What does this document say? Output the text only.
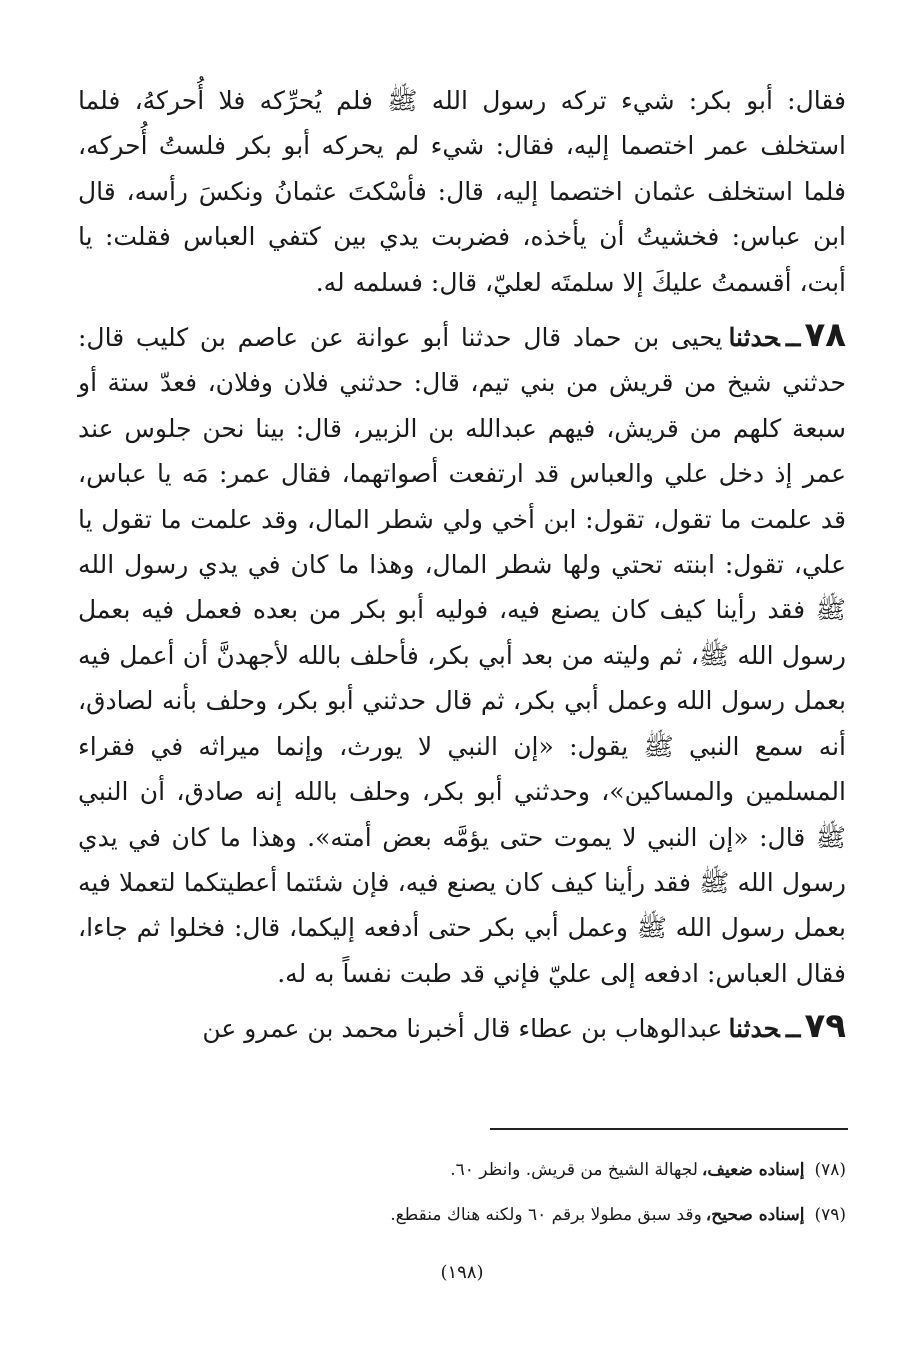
فقال: أبو بكر: شيء تركه رسول الله ﷺ فلم يُحرِّكه فلا أُحركهُ، فلما استخلف عمر اختصما إليه، فقال: شيء لم يحركه أبو بكر فلستُ أُحركه، فلما استخلف عثمان اختصما إليه، قال: فأسْكتَ عثمانُ ونكسَ رأسه، قال ابن عباس: فخشيتُ أن يأخذه، فضربت يدي بين كتفي العباس فقلت: يا أبت، أقسمتُ عليكَ إلا سلمتَه لعليّ، قال: فسلمه له.

٧٨ــحدثنايحيى بن حماد قال حدثنا أبو عوانة عن عاصم بن كليب قال: حدثني شيخ من قريش من بني تيم، قال: حدثني فلان وفلان، فعدّ ستة أو سبعة كلهم من قريش، فيهم عبدالله بن الزبير، قال: بينا نحن جلوس عند عمر إذ دخل علي والعباس قد ارتفعت أصواتهما، فقال عمر: مَه يا عباس، قد علمت ما تقول، تقول: ابن أخي ولي شطر المال، وقد علمت ما تقول يا علي، تقول: ابنته تحتي ولها شطر المال، وهذا ما كان في يدي رسول الله ﷺ فقد رأينا كيف كان يصنع فيه، فوليه أبو بكر من بعده فعمل فيه بعمل رسول الله ﷺ، ثم وليته من بعد أبي بكر، فأحلف بالله لأجهدنَّ أن أعمل فيه بعمل رسول الله وعمل أبي بكر، ثم قال حدثني أبو بكر، وحلف بأنه لصادق، أنه سمع النبي ﷺ يقول: «إن النبي لا يورث، وإنما ميراثه في فقراء المسلمين والمساكين»، وحدثني أبو بكر، وحلف بالله إنه صادق، أن النبي ﷺ قال: «إن النبي لا يموت حتى يؤمَّه بعض أمته». وهذا ما كان في يدي رسول الله ﷺ فقد رأينا كيف كان يصنع فيه، فإن شئتما أعطيتكما لتعملا فيه بعمل رسول الله ﷺ وعمل أبي بكر حتى أدفعه إليكما، قال: فخلوا ثم جاءا، فقال العباس: ادفعه إلى عليّ فإني قد طبت نفساً به له.

٧٩ــحدثناعبدالوهاب بن عطاء قال أخبرنا محمد بن عمرو عن

(٧٨)إسناده ضعيف،لجهالة الشيخ من قريش. وانظر ٦٠.

(٧٩)إسناده صحيح،وقد سبق مطولا برقم ٦٠ ولكنه هناك منقطع.

(١٩٨)
